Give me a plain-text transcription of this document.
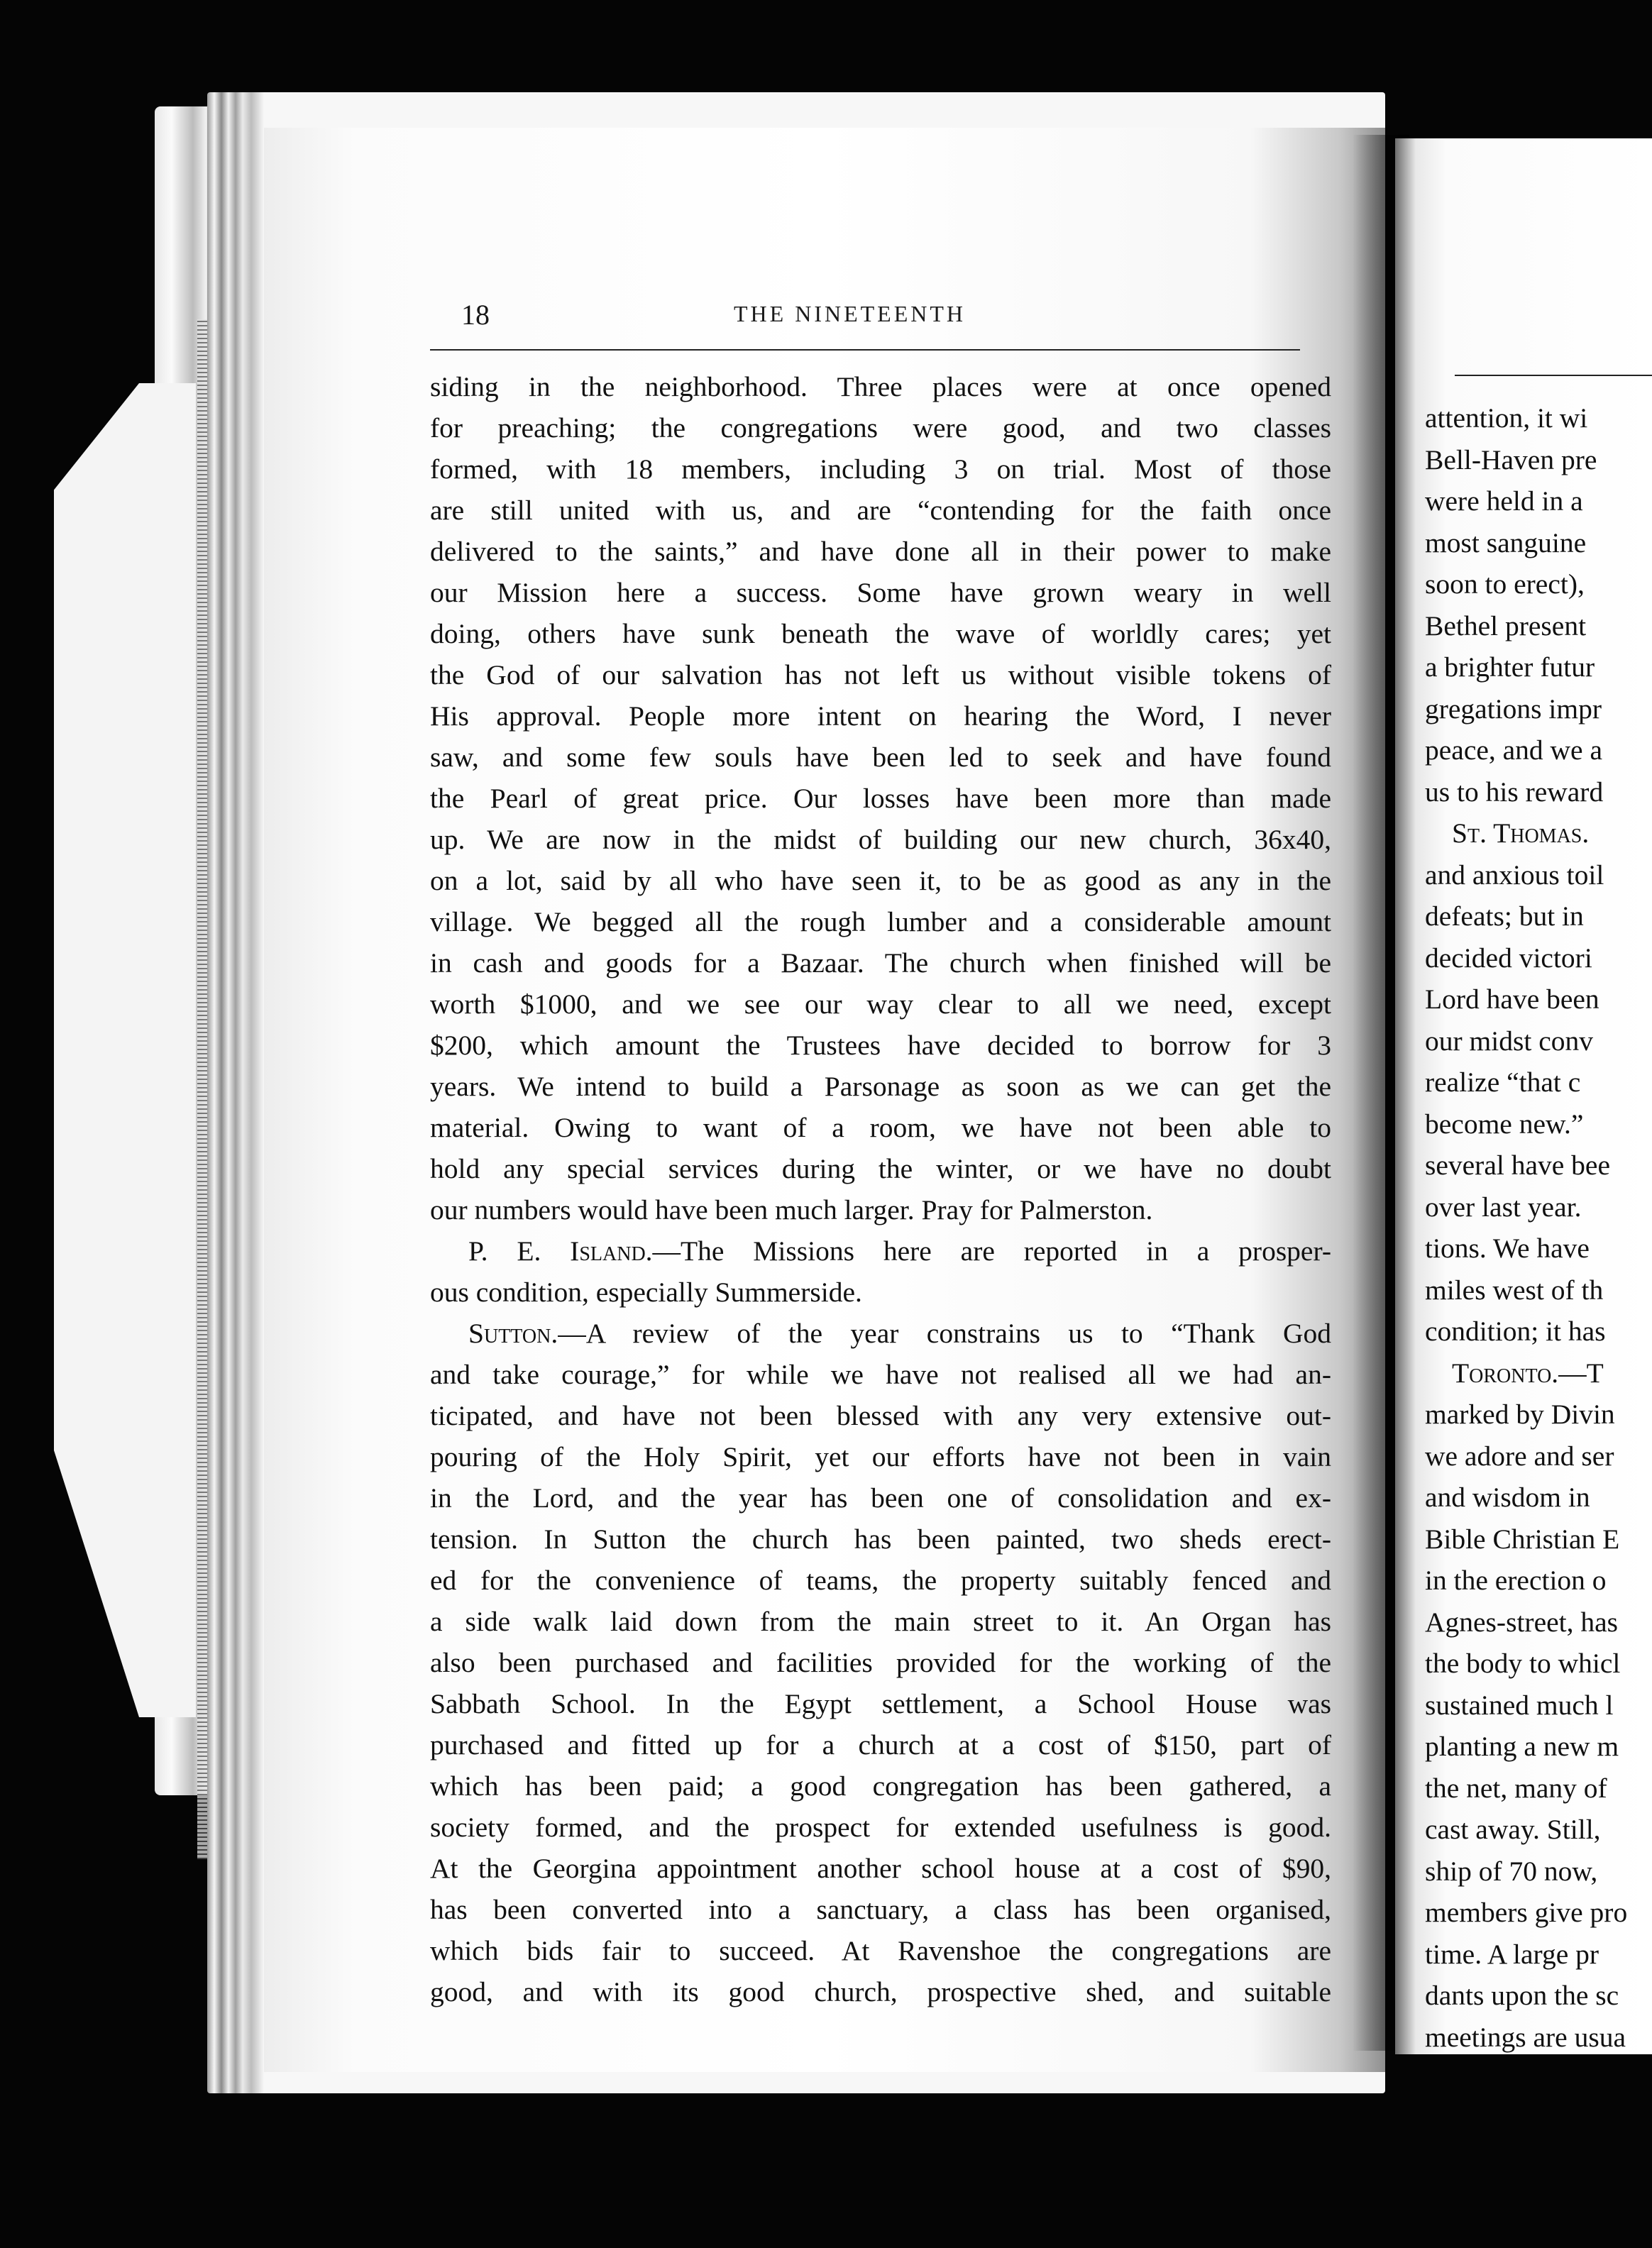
18	THE NINETEENTH
siding in the neighborhood. Three places were at once opened
for preaching; the congregations were good, and two classes
formed, with 18 members, including 3 on trial. Most of those
are still united with us, and are “contending for the faith once
delivered to the saints,” and have done all in their power to make
our Mission here a success. Some have grown weary in well
doing, others have sunk beneath the wave of worldly cares; yet
the God of our salvation has not left us without visible tokens of
His approval. People more intent on hearing the Word, I never
saw, and some few souls have been led to seek and have found
the Pearl of great price. Our losses have been more than made
up. We are now in the midst of building our new church, 36x40,
on a lot, said by all who have seen it, to be as good as any in the
village. We begged all the rough lumber and a considerable amount
in cash and goods for a Bazaar. The church when finished will be
worth $1000, and we see our way clear to all we need, except
$200, which amount the Trustees have decided to borrow for 3
years. We intend to build a Parsonage as soon as we can get the
material. Owing to want of a room, we have not been able to
hold any special services during the winter, or we have no doubt
our numbers would have been much larger. Pray for Palmerston.
P. E. Island.—The Missions here are reported in a prosper-
ous condition, especially Summerside.
Sutton.—A review of the year constrains us to “Thank God
and take courage,” for while we have not realised all we had an-
ticipated, and have not been blessed with any very extensive out-
pouring of the Holy Spirit, yet our efforts have not been in vain
in the Lord, and the year has been one of consolidation and ex-
tension. In Sutton the church has been painted, two sheds erect-
ed for the convenience of teams, the property suitably fenced and
a side walk laid down from the main street to it. An Organ has
also been purchased and facilities provided for the working of the
Sabbath School. In the Egypt settlement, a School House was
purchased and fitted up for a church at a cost of $150, part of
which has been paid; a good congregation has been gathered, a
society formed, and the prospect for extended usefulness is good.
At the Georgina appointment another school house at a cost of $90,
has been converted into a sanctuary, a class has been organised,
which bids fair to succeed. At Ravenshoe the congregations are
good, and with its good church, prospective shed, and suitable
attention, it wi
Bell-Haven pre
were held in a
most sanguine
soon to erect),
Bethel present
a brighter futur
gregations impr
peace, and we a
us to his reward
St. Thomas.
and anxious toil
defeats; but in
decided victori
Lord have been
our midst conv
realize “that c
become new.”
several have bee
over last year.
tions. We have
miles west of th
condition; it has
Toronto.—T
marked by Divin
we adore and ser
and wisdom in
Bible Christian E
in the erection o
Agnes-street, has
the body to whicl
sustained much l
planting a new m
the net, many of
cast away. Still,
ship of 70 now,
members give pro
time. A large pr
dants upon the sc
meetings are usua
